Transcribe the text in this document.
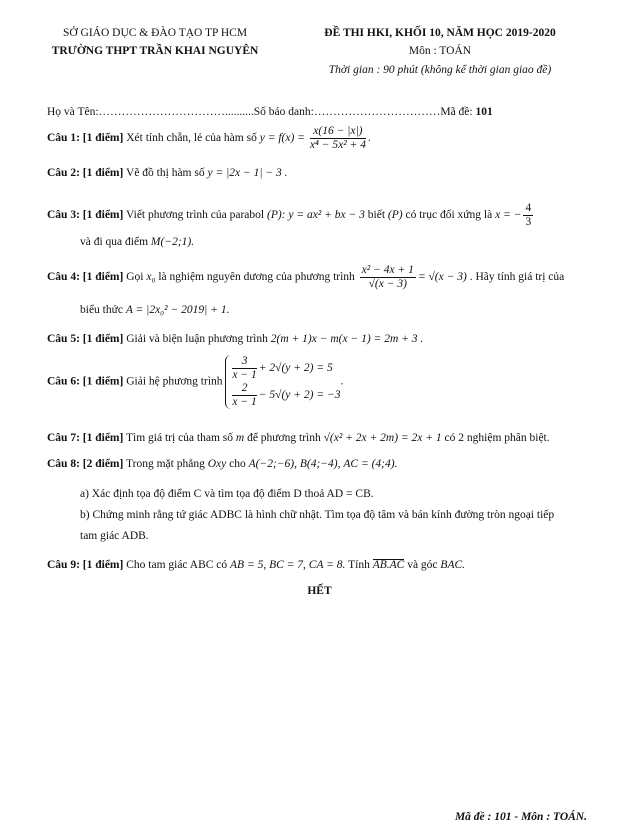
SỞ GIÁO DỤC & ĐÀO TẠO TP HCM
TRƯỜNG THPT TRẦN KHAI NGUYÊN
ĐỀ THI HKI, KHỐI 10, NĂM HỌC 2019-2020
Môn : TOÁN
Thời gian : 90 phút (không kể thời gian giao đề)
Họ và Tên:……………………………..........Số báo danh:……………………………Mã đề: 101
Câu 1: [1 điểm] Xét tính chẵn, lẻ của hàm số $y = f(x) = \frac{x(16 - |x|)}{\text{x⁴ − 5x² + 4}}$ .
Câu 2: [1 điểm] Vẽ đồ thị hàm số y = |2x − 1| − 3 .
Câu 3: [1 điểm] Viết phương trình của parabol (P): y = ax² + bx − 3 biết (P) có trục đối xứng là x = − $\frac{4}{3}$
và đi qua điểm M(−2;1).
Câu 4: [1 điểm] Gọi x₀ là nghiệm nguyên dương của phương trình $\frac{\text{x² − 4x + 1}}{√(x - 3)} = √(x - 3)$ . Hãy tính giá trị của
biểu thức A = |2x₀² − 2019| + 1.
Câu 5: [1 điểm] Giải và biện luận phương trình 2(m + 1)x − m(x − 1) = 2m + 3 .
Câu 6: [1 điểm] Giải hệ phương trình $\frac{3}{x - 1} + 2√(y + 2) = 5$
$\frac{2}{x - 1} - 5√(y + 2) = -3$
.
Câu 7: [1 điểm] Tìm giá trị của tham số m để phương trình √(x² + 2x + 2m) = 2x + 1 có 2 nghiệm phân biệt.
Câu 8: [2 điểm] Trong mặt phẳng Oxy cho A(−2;−6), B(4;−4), AC = (4;4).
a) Xác định tọa độ điểm C và tìm tọa độ điểm D thoả AD = CB.
b) Chứng minh rằng tứ giác ADBC là hình chữ nhật. Tìm tọa độ tâm và bán kính đường tròn ngoại tiếp
tam giác ADB.
Câu 9: [1 điểm] Cho tam giác ABC có AB = 5, BC = 7, CA = 8. Tính AB.AC và góc BAC.
HẾT
Mã đề : 101 - Môn : TOÁN.
